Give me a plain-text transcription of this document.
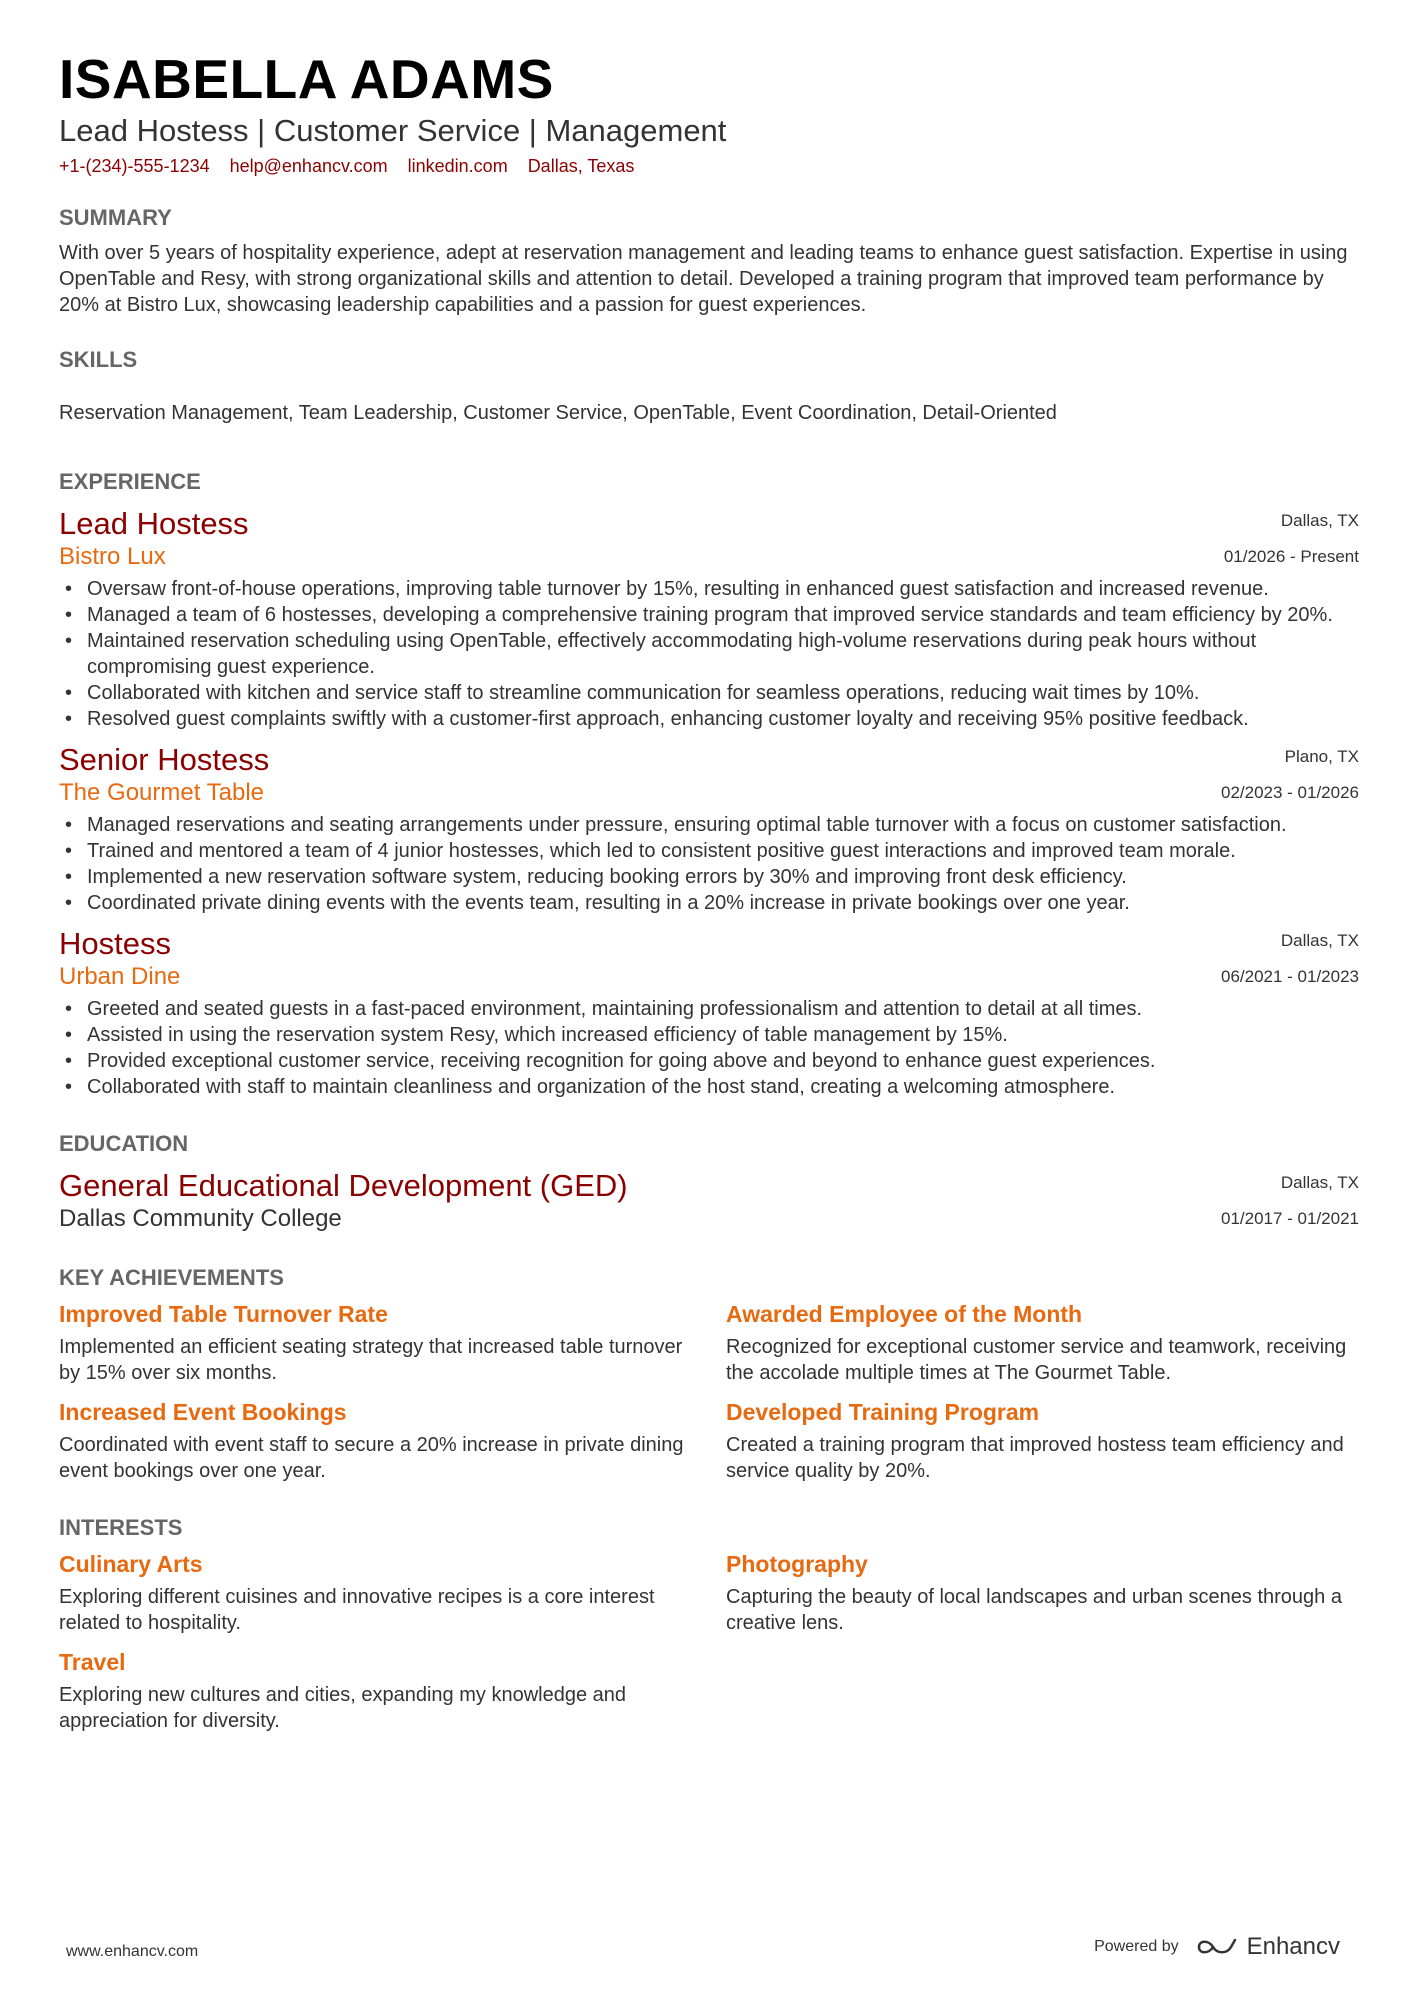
ISABELLA ADAMS
Lead Hostess | Customer Service | Management
+1-(234)-555-1234 help@enhancv.com linkedin.com Dallas, Texas
SUMMARY
With over 5 years of hospitality experience, adept at reservation management and leading teams to enhance guest satisfaction. Expertise in using OpenTable and Resy, with strong organizational skills and attention to detail. Developed a training program that improved team performance by 20% at Bistro Lux, showcasing leadership capabilities and a passion for guest experiences.
SKILLS
Reservation Management, Team Leadership, Customer Service, OpenTable, Event Coordination, Detail-Oriented
EXPERIENCE
Lead Hostess
Bistro Lux
Dallas, TX
01/2026 - Present
• Oversaw front-of-house operations, improving table turnover by 15%, resulting in enhanced guest satisfaction and increased revenue.
• Managed a team of 6 hostesses, developing a comprehensive training program that improved service standards and team efficiency by 20%.
• Maintained reservation scheduling using OpenTable, effectively accommodating high-volume reservations during peak hours without compromising guest experience.
• Collaborated with kitchen and service staff to streamline communication for seamless operations, reducing wait times by 10%.
• Resolved guest complaints swiftly with a customer-first approach, enhancing customer loyalty and receiving 95% positive feedback.
Senior Hostess
The Gourmet Table
Plano, TX
02/2023 - 01/2026
• Managed reservations and seating arrangements under pressure, ensuring optimal table turnover with a focus on customer satisfaction.
• Trained and mentored a team of 4 junior hostesses, which led to consistent positive guest interactions and improved team morale.
• Implemented a new reservation software system, reducing booking errors by 30% and improving front desk efficiency.
• Coordinated private dining events with the events team, resulting in a 20% increase in private bookings over one year.
Hostess
Urban Dine
Dallas, TX
06/2021 - 01/2023
• Greeted and seated guests in a fast-paced environment, maintaining professionalism and attention to detail at all times.
• Assisted in using the reservation system Resy, which increased efficiency of table management by 15%.
• Provided exceptional customer service, receiving recognition for going above and beyond to enhance guest experiences.
• Collaborated with staff to maintain cleanliness and organization of the host stand, creating a welcoming atmosphere.
EDUCATION
General Educational Development (GED)
Dallas Community College
Dallas, TX
01/2017 - 01/2021
KEY ACHIEVEMENTS
Improved Table Turnover Rate
Implemented an efficient seating strategy that increased table turnover by 15% over six months.
Awarded Employee of the Month
Recognized for exceptional customer service and teamwork, receiving the accolade multiple times at The Gourmet Table.
Increased Event Bookings
Coordinated with event staff to secure a 20% increase in private dining event bookings over one year.
Developed Training Program
Created a training program that improved hostess team efficiency and service quality by 20%.
INTERESTS
Culinary Arts
Exploring different cuisines and innovative recipes is a core interest related to hospitality.
Photography
Capturing the beauty of local landscapes and urban scenes through a creative lens.
Travel
Exploring new cultures and cities, expanding my knowledge and appreciation for diversity.
www.enhancv.com	Powered by	Enhancv
